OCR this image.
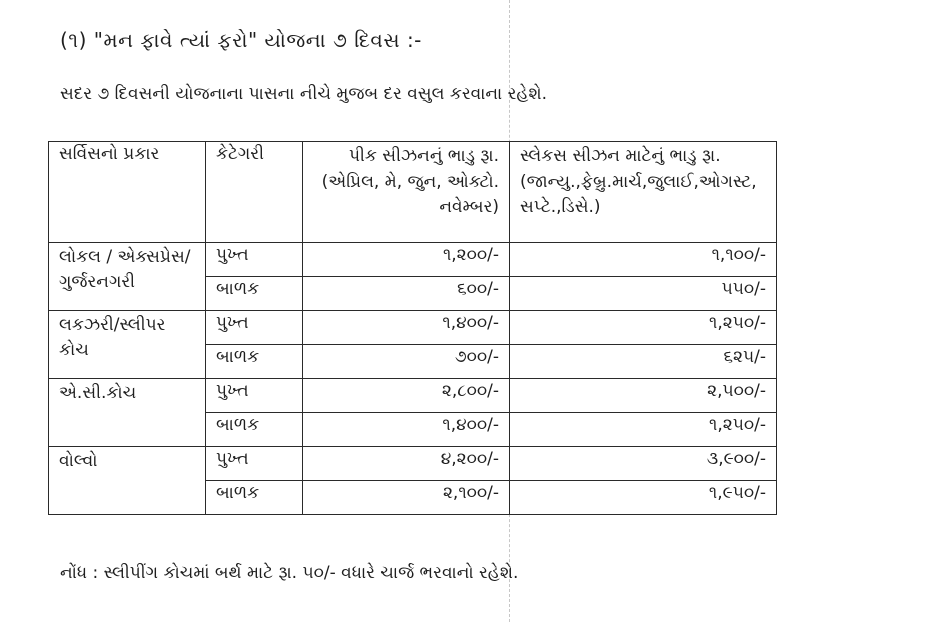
(૧) "મન ફાવે ત્યાં ફરો" યોજના ૭ દિવસ :-
સદર ૭ દિવસની યોજનાના પાસના નીચે મુજબ દર વસુલ કરવાના રહેશે.
સર્વિસનો પ્રકાર	કેટેગરી	પીક સીઝનનું ભાડુ રૂા. (એપ્રિલ, મે, જુન, ઓક્ટો. નવેમ્બર)	સ્લેકસ સીઝન માટેનું ભાડુ રૂા. (જાન્યુ.,ફેબ્રુ.માર્ચ,જુલાઈ,ઓગસ્ટ, સપ્ટે.,ડિસે.)
લોકલ / એક્સપ્રેસ/ ગુર્જરનગરી	પુખ્ત	૧,૨૦૦/-	૧,૧૦૦/-
	બાળક	૬૦૦/-	૫૫૦/-
લકઝરી/સ્લીપર કોચ	પુખ્ત	૧,૪૦૦/-	૧,૨૫૦/-
	બાળક	૭૦૦/-	૬૨૫/-
એ.સી.કોચ	પુખ્ત	૨,૮૦૦/-	૨,૫૦૦/-
	બાળક	૧,૪૦૦/-	૧,૨૫૦/-
વોલ્વો	પુખ્ત	૪,૨૦૦/-	૩,૯૦૦/-
	બાળક	૨,૧૦૦/-	૧,૯૫૦/-
નોંધ : સ્લીપીંગ કોચમાં બર્થ માટે રૂા. ૫૦/- વધારે ચાર્જ ભરવાનો રહેશે.
